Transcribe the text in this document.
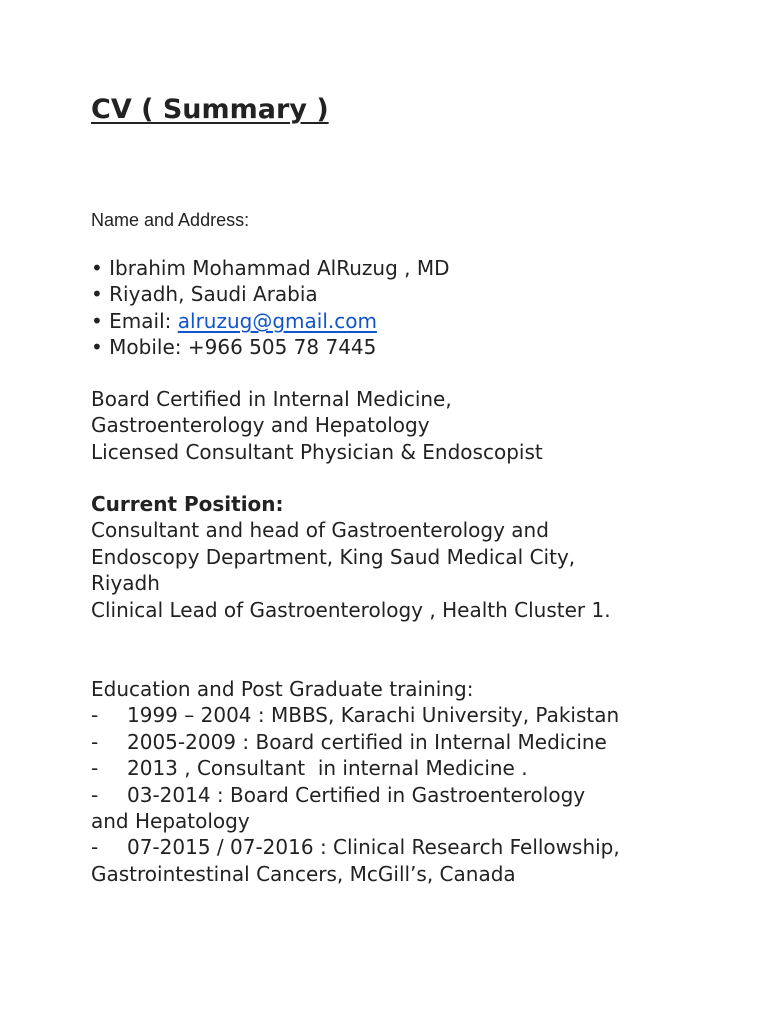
CV ( Summary )
Name and Address:
• Ibrahim Mohammad AlRuzug , MD
• Riyadh, Saudi Arabia
• Email: alruzug@gmail.com
• Mobile: +966 505 78 7445
Board Certified in Internal Medicine,
Gastroenterology and Hepatology
Licensed Consultant Physician & Endoscopist
Current Position:
Consultant and head of Gastroenterology and
Endoscopy Department, King Saud Medical City,
Riyadh
Clinical Lead of Gastroenterology , Health Cluster 1.
Education and Post Graduate training:
- 1999 – 2004 : MBBS, Karachi University, Pakistan
- 2005-2009 : Board certified in Internal Medicine
- 2013 , Consultant  in internal Medicine .
- 03-2014 : Board Certified in Gastroenterology
and Hepatology
- 07-2015 / 07-2016 : Clinical Research Fellowship,
Gastrointestinal Cancers, McGill’s, Canada
